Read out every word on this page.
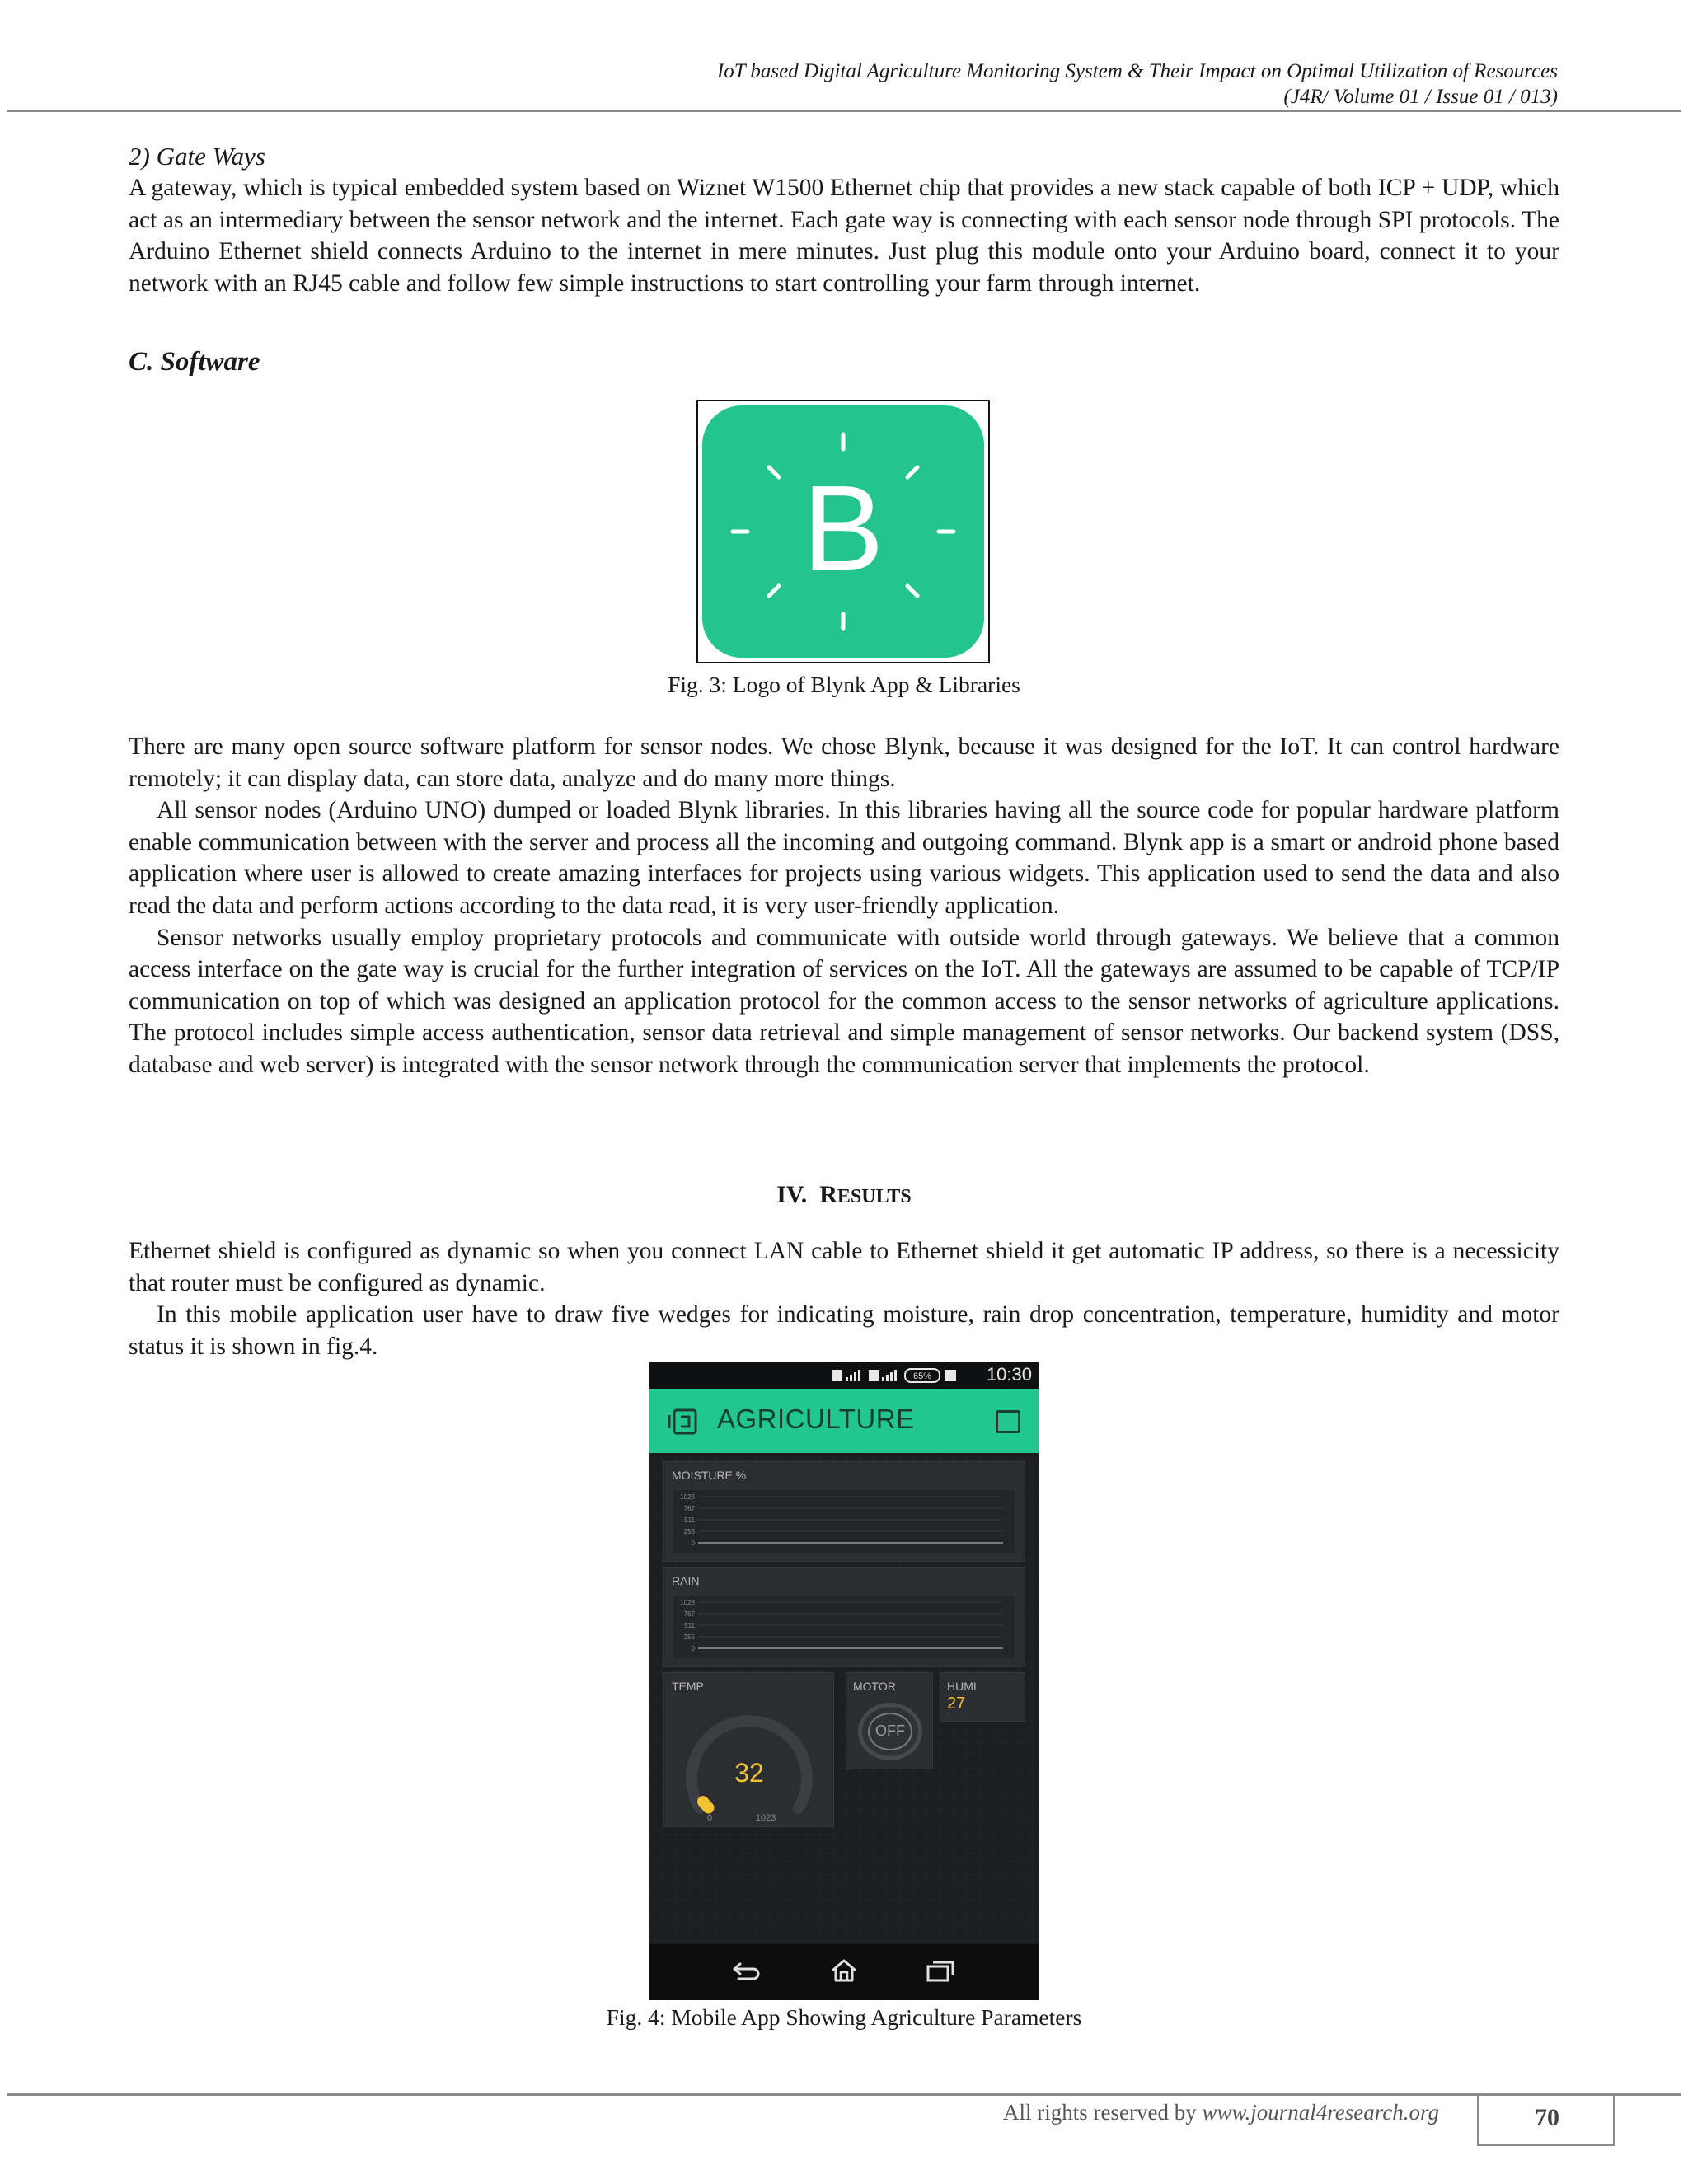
IoT based Digital Agriculture Monitoring System & Their Impact on Optimal Utilization of Resources
(J4R/ Volume 01 / Issue 01 / 013)
2) Gate Ways

A gateway, which is typical embedded system based on Wiznet W1500 Ethernet chip that provides a new stack capable of both ICP + UDP, which act as an intermediary between the sensor network and the internet. Each gate way is connecting with each sensor node through SPI protocols. The Arduino Ethernet shield connects Arduino to the internet in mere minutes. Just plug this module onto your Arduino board, connect it to your network with an RJ45 cable and follow few simple instructions to start controlling your farm through internet.

C. Software
B
Fig. 3: Logo of Blynk App & Libraries

There are many open source software platform for sensor nodes. We chose Blynk, because it was designed for the IoT. It can control hardware remotely; it can display data, can store data, analyze and do many more things.

All sensor nodes (Arduino UNO) dumped or loaded Blynk libraries. In this libraries having all the source code for popular hardware platform enable communication between with the server and process all the incoming and outgoing command. Blynk app is a smart or android phone based application where user is allowed to create amazing interfaces for projects using various widgets. This application used to send the data and also read the data and perform actions according to the data read, it is very user-friendly application.

Sensor networks usually employ proprietary protocols and communicate with outside world through gateways. We believe that a common access interface on the gate way is crucial for the further integration of services on the IoT. All the gateways are assumed to be capable of TCP/IP communication on top of which was designed an application protocol for the common access to the sensor networks of agriculture applications. The protocol includes simple access authentication, sensor data retrieval and simple management of sensor networks. Our backend system (DSS, database and web server) is integrated with the sensor network through the communication server that implements the protocol.

IV. RESULTS

Ethernet shield is configured as dynamic so when you connect LAN cable to Ethernet shield it get automatic IP address, so there is a necessicity that router must be configured as dynamic.

In this mobile application user have to draw five wedges for indicating moisture, rain drop concentration, temperature, humidity and motor status it is shown in fig.4.

65%	10:30
AGRICULTURE
MOISTURE %
1023
767
511
255
0
RAIN
1023
767
511
255
0
TEMP
32
0	1023
MOTOR
OFF
HUMI
27
Fig. 4: Mobile App Showing Agriculture Parameters
All rights reserved by www.journal4research.org	70
